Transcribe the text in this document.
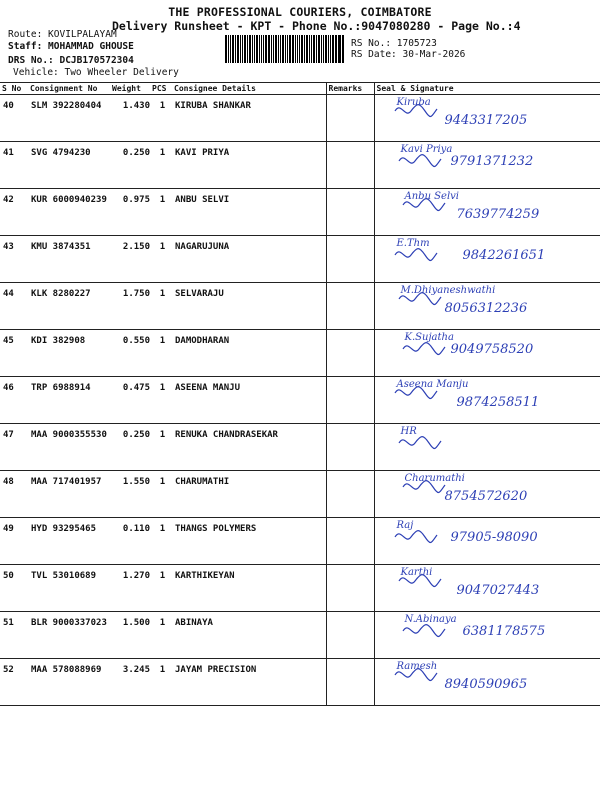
THE PROFESSIONAL COURIERS, COIMBATORE
Delivery Runsheet - KPT - Phone No.:9047080280 - Page No.:4
Route: KOVILPALAYAM
Staff: MOHAMMAD GHOUSE
DRS No.: DCJB170572304
Vehicle: Two Wheeler Delivery
RS No.: 1705723
RS Date: 30-Mar-2026
S No	Consignment No	Weight	PCS	Consignee Details	Remarks	Seal & Signature
40	SLM 392280404	1.430	1	KIRUBA SHANKAR		Kiruba
9443317205

41	SVG 4794230	0.250	1	KAVI PRIYA		Kavi Priya
9791371232

42	KUR 6000940239	0.975	1	ANBU SELVI		Anbu Selvi
7639774259

43	KMU 3874351	2.150	1	NAGARUJUNA		E.Thm
9842261651

44	KLK 8280227	1.750	1	SELVARAJU		M.Dhiyaneshwathi
8056312236

45	KDI 382908	0.550	1	DAMODHARAN		K.Sujatha
9049758520

46	TRP 6988914	0.475	1	ASEENA MANJU		Aseena Manju
9874258511

47	MAA 9000355530	0.250	1	RENUKA CHANDRASEKAR		HR

48	MAA 717401957	1.550	1	CHARUMATHI		Charumathi
8754572620

49	HYD 93295465	0.110	1	THANGS POLYMERS		Raj
97905-98090

50	TVL 53010689	1.270	1	KARTHIKEYAN		Karthi
9047027443

51	BLR 9000337023	1.500	1	ABINAYA		N.Abinaya
6381178575

52	MAA 578088969	3.245	1	JAYAM PRECISION		Ramesh
8940590965
